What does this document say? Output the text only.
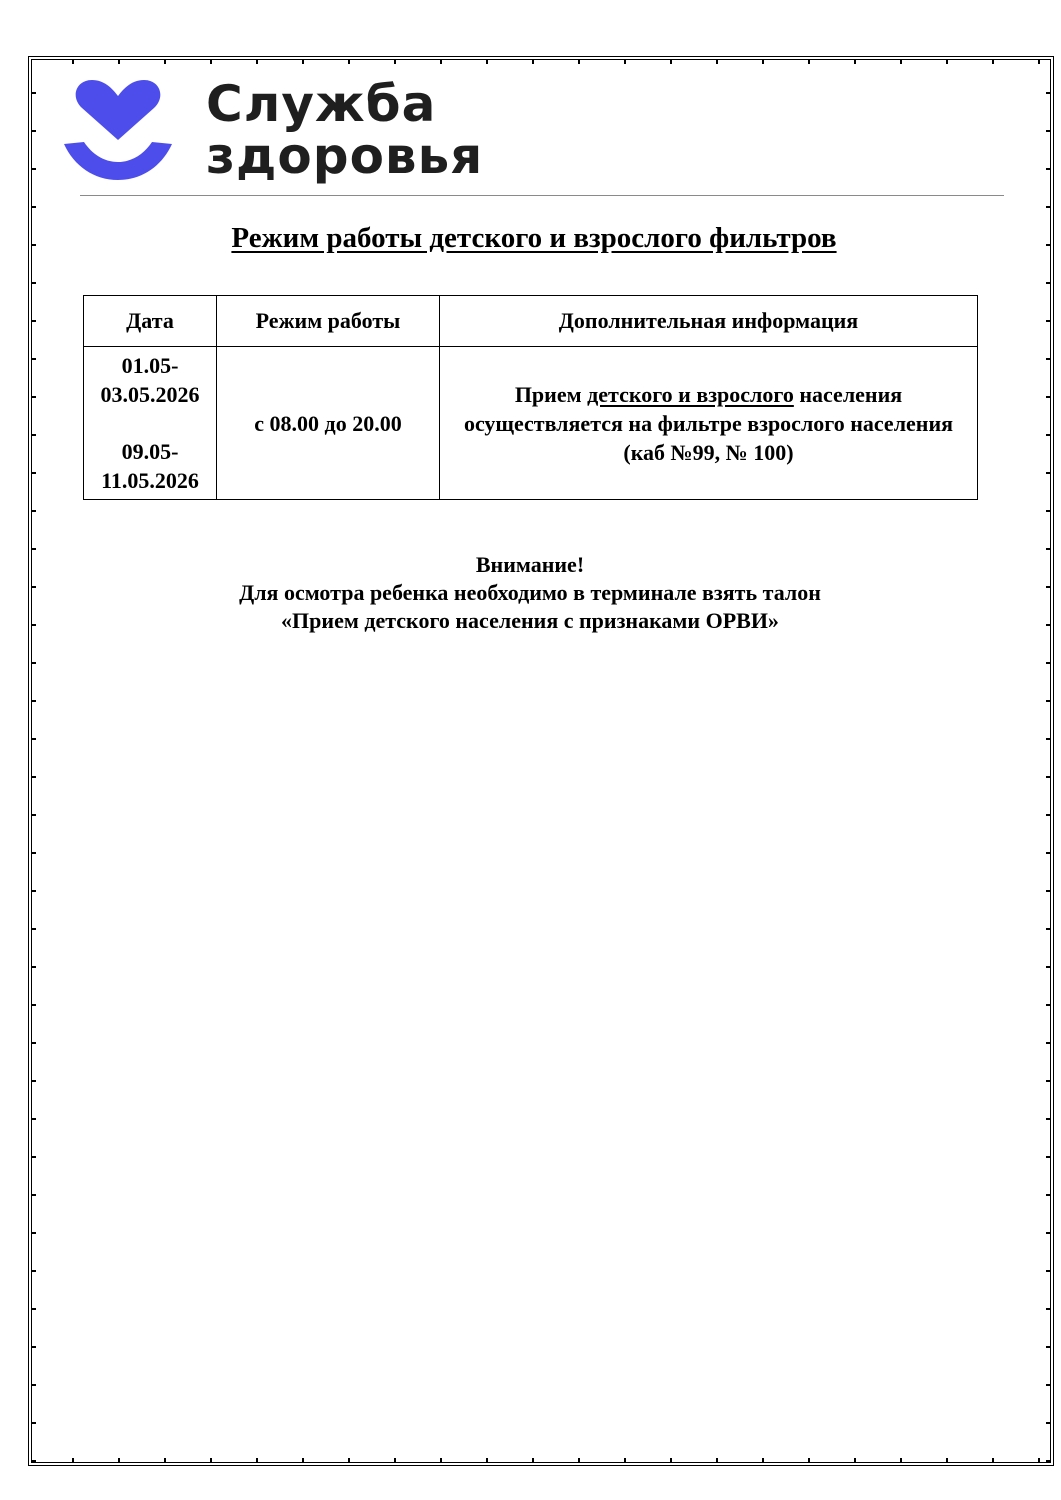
Служба
здоровья
Режим работы детского и взрослого фильтров
Дата	Режим работы	Дополнительная информация

01.05-
03.05.2026
09.05-
11.05.2026	с 08.00 до 20.00	Прием детского и взрослого населения осуществляется на фильтре взрослого населения (каб №99, № 100)
Внимание!
Для осмотра ребенка необходимо в терминале взять талон
«Прием детского населения с признаками ОРВИ»
